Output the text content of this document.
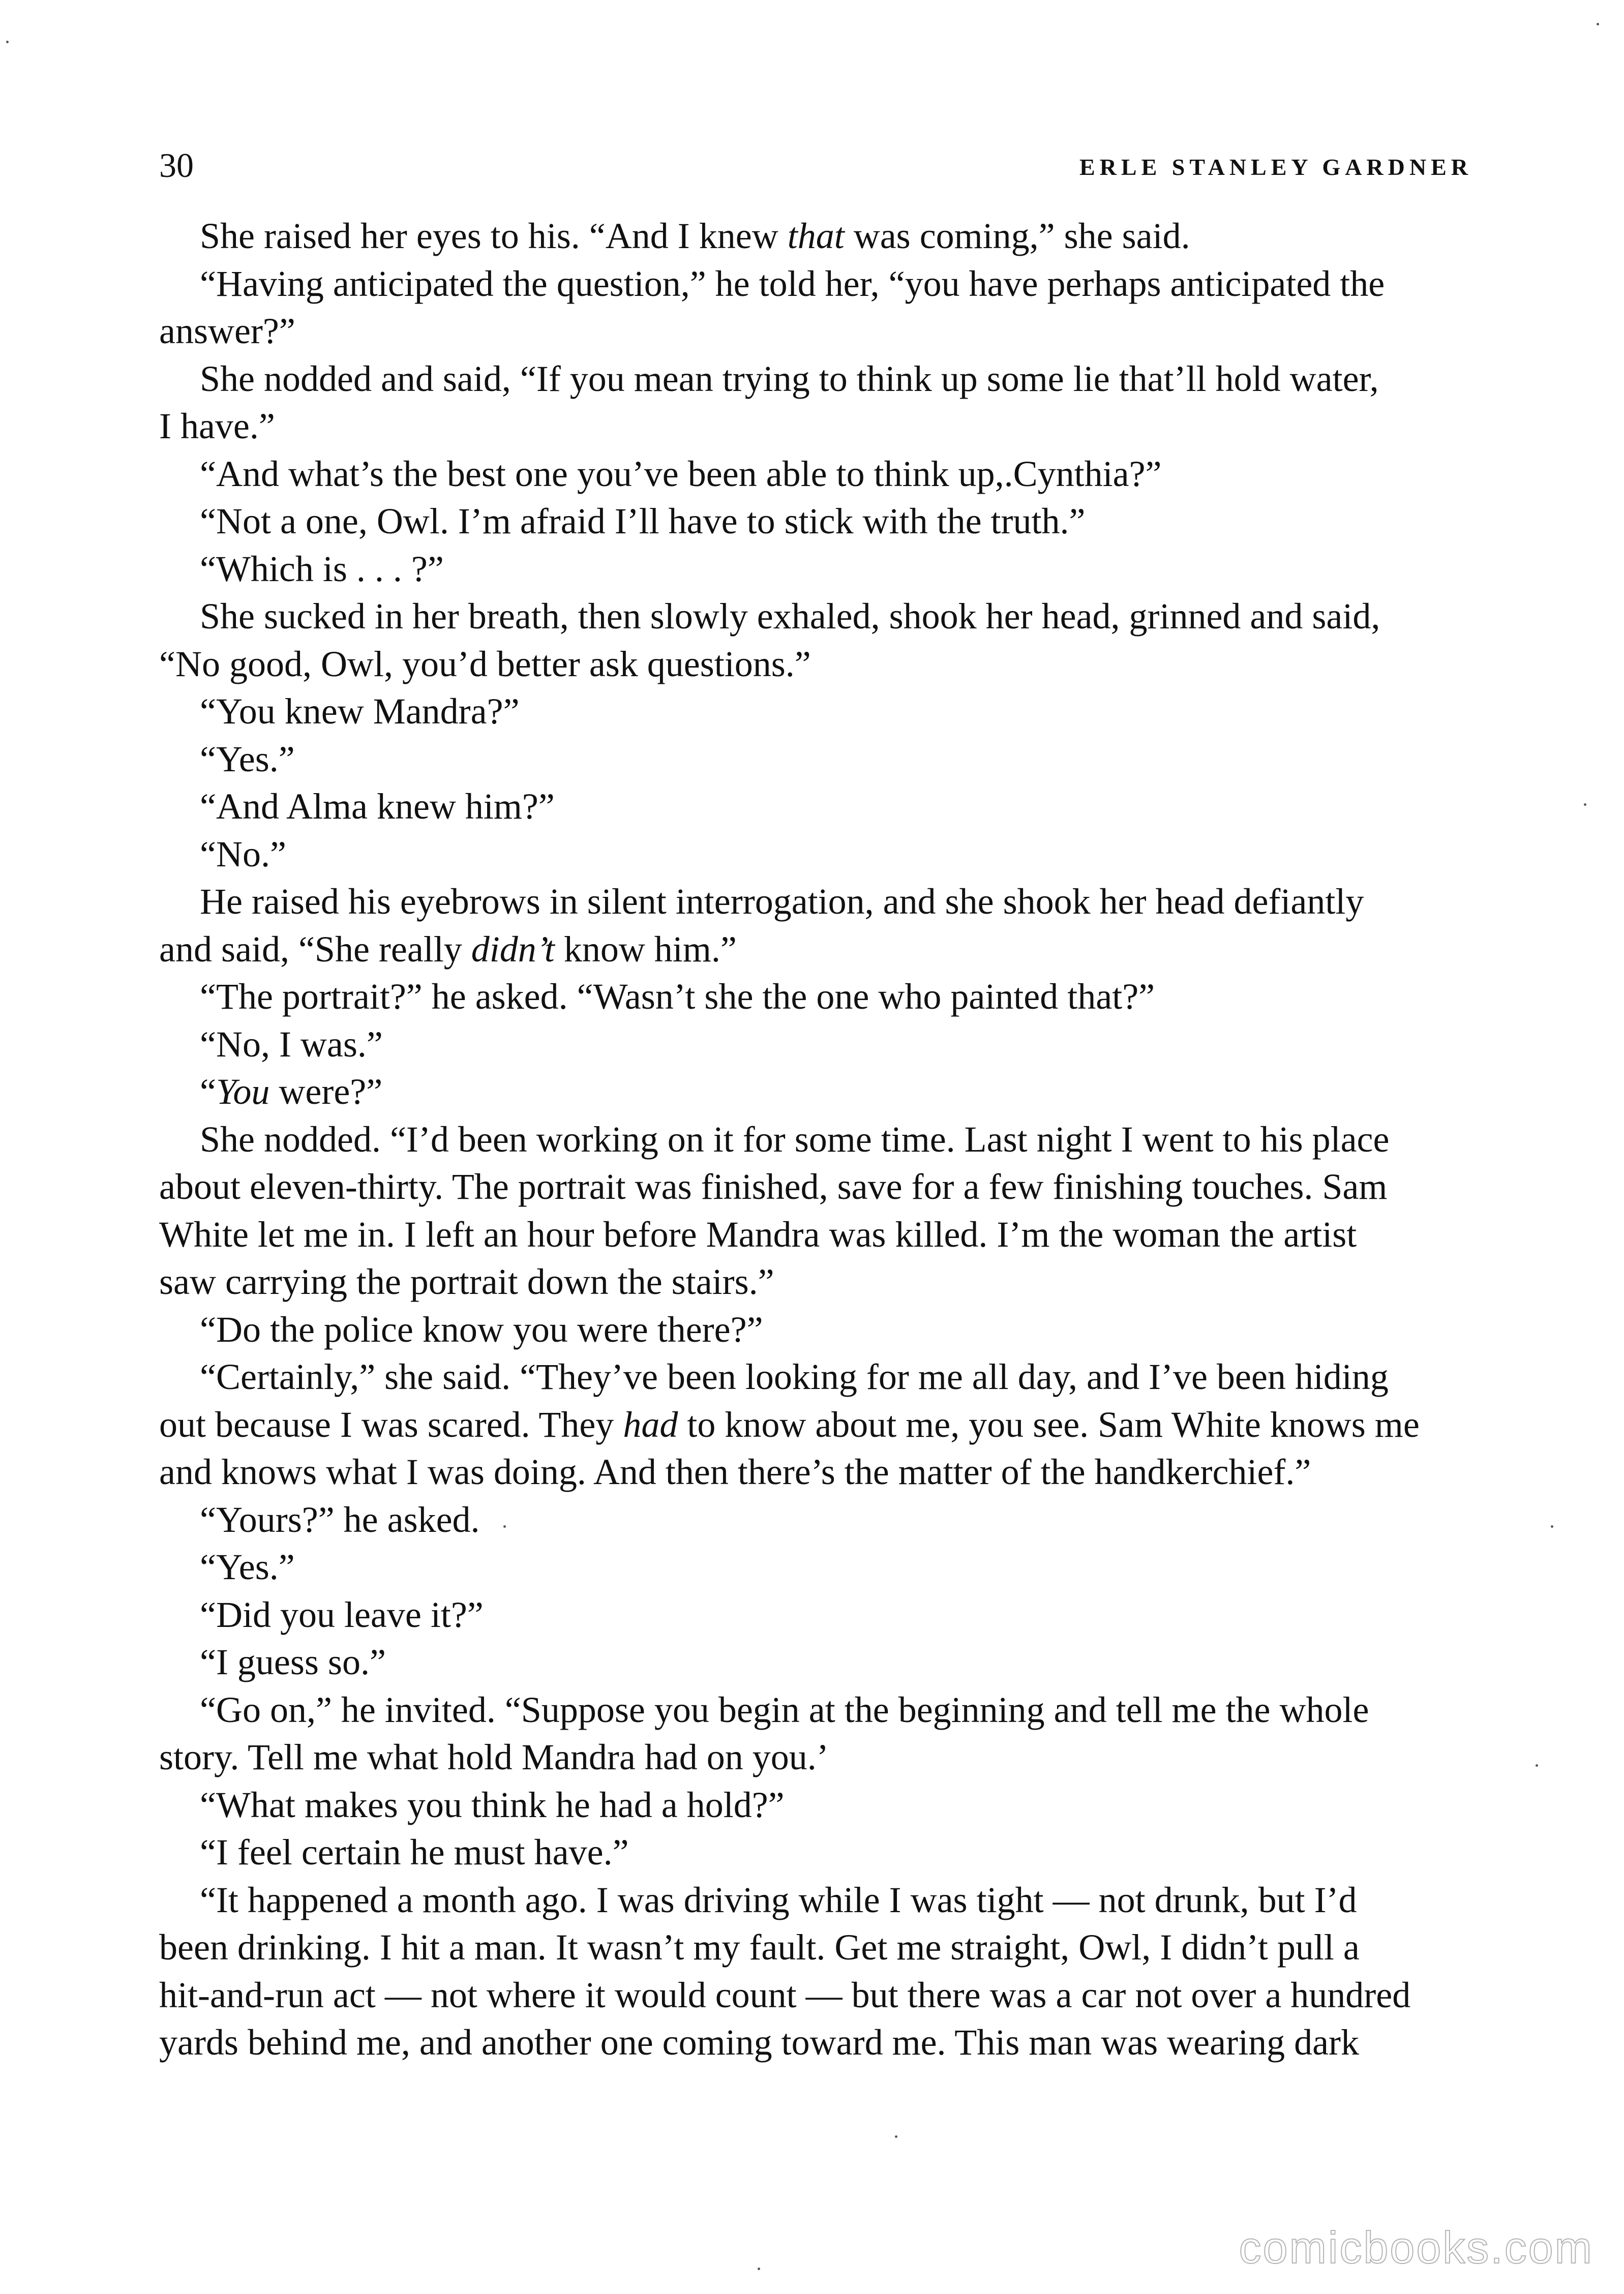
30	ERLE STANLEY GARDNER

She raised her eyes to his. “And I knew that was coming,” she said.

“Having anticipated the question,” he told her, “you have perhaps anticipated the

answer?”

She nodded and said, “If you mean trying to think up some lie that’ll hold water,

I have.”

“And what’s the best one you’ve been able to think up,.Cynthia?”

“Not a one, Owl. I’m afraid I’ll have to stick with the truth.”

“Which is . . . ?”

She sucked in her breath, then slowly exhaled, shook her head, grinned and said,

“No good, Owl, you’d better ask questions.”

“You knew Mandra?”

“Yes.”

“And Alma knew him?”

“No.”

He raised his eyebrows in silent interrogation, and she shook her head defiantly

and said, “She really didn’t know him.”

“The portrait?” he asked. “Wasn’t she the one who painted that?”

“No, I was.”

“You were?”

She nodded. “I’d been working on it for some time. Last night I went to his place

about eleven-thirty. The portrait was finished, save for a few finishing touches. Sam

White let me in. I left an hour before Mandra was killed. I’m the woman the artist

saw carrying the portrait down the stairs.”

“Do the police know you were there?”

“Certainly,” she said. “They’ve been looking for me all day, and I’ve been hiding

out because I was scared. They had to know about me, you see. Sam White knows me

and knows what I was doing. And then there’s the matter of the handkerchief.”

“Yours?” he asked.

“Yes.”

“Did you leave it?”

“I guess so.”

“Go on,” he invited. “Suppose you begin at the beginning and tell me the whole

story. Tell me what hold Mandra had on you.’

“What makes you think he had a hold?”

“I feel certain he must have.”

“It happened a month ago. I was driving while I was tight — not drunk, but I’d

been drinking. I hit a man. It wasn’t my fault. Get me straight, Owl, I didn’t pull a

hit-and-run act — not where it would count — but there was a car not over a hundred

yards behind me, and another one coming toward me. This man was wearing dark

comicbooks.com
